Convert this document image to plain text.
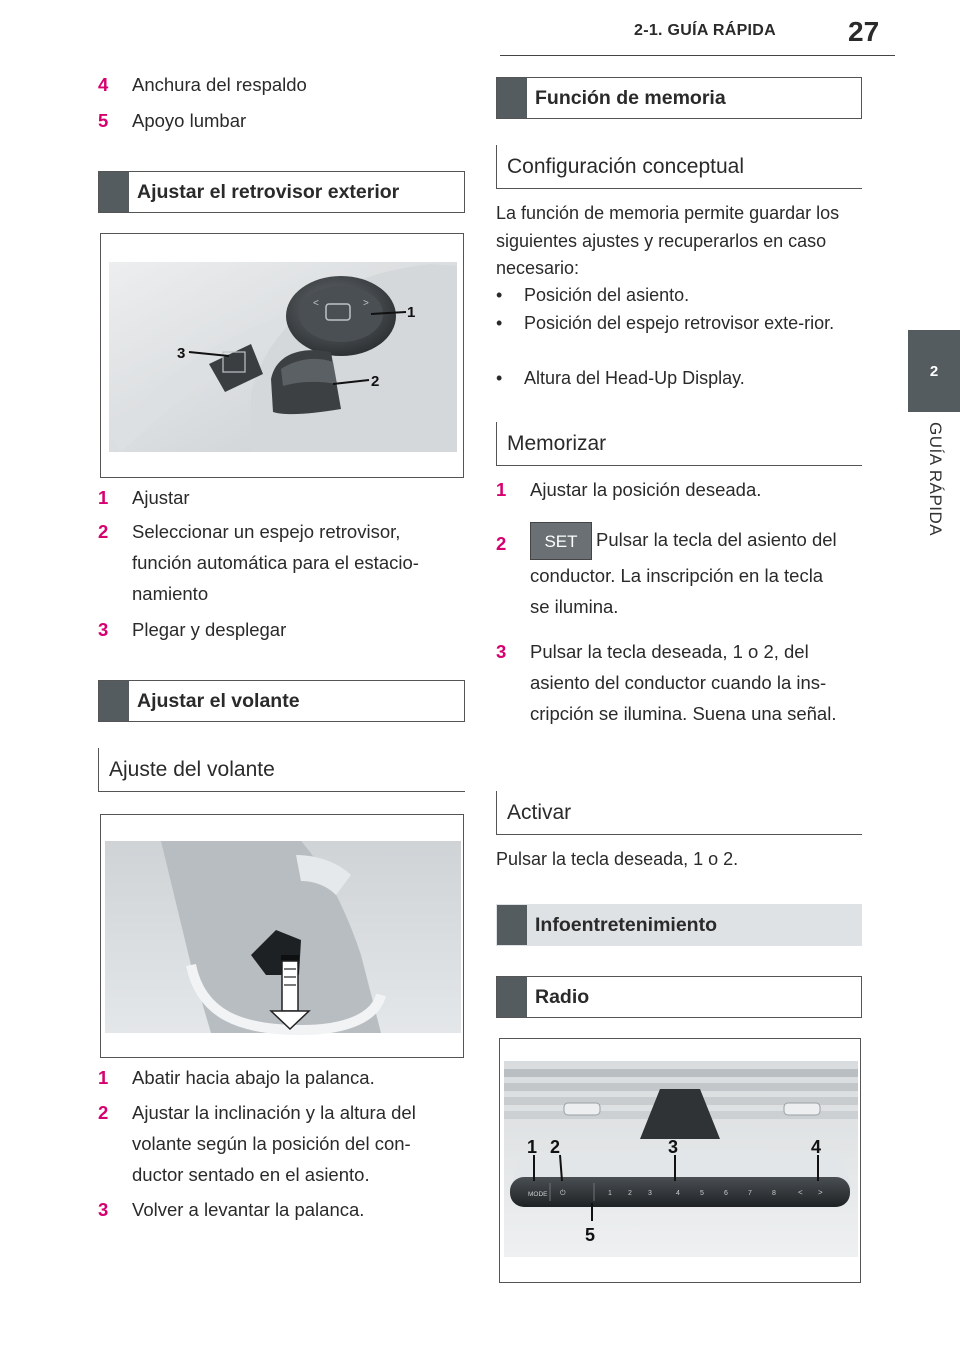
2-1. GUÍA RÁPIDA	27
2
GUÍA RÁPIDA
4	Anchura del respaldo
5	Apoyo lumbar
Ajustar el retrovisor exterior
<	>
1
2
3
1	Ajustar
2	Seleccionar un espejo retrovisor, función automática para el estacio-namiento
3	Plegar y desplegar
Ajustar el volante
Ajuste del volante
1	Abatir hacia abajo la palanca.
2	Ajustar la inclinación y la altura del volante según la posición del con-ductor sentado en el asiento.
3	Volver a levantar la palanca.
Función de memoria
Configuración conceptual
La función de memoria permite guardar los siguientes ajustes y recuperarlos en caso necesario:
•	Posición del asiento.
•	Posición del espejo retrovisor exte-rior.
•	Altura del Head-Up Display.
Memorizar
1	Ajustar la posición deseada.
2	SET Pulsar la tecla del asiento del conductor. La inscripción en la tecla se ilumina.
3	Pulsar la tecla deseada, 1 o 2, del asiento del conductor cuando la ins-cripción se ilumina. Suena una señal.
Activar
Pulsar la tecla deseada, 1 o 2.
Infoentretenimiento
Radio
MODE ⏻	1 2 3	4	5	6	7	8	< >
1 2	3	4
5
